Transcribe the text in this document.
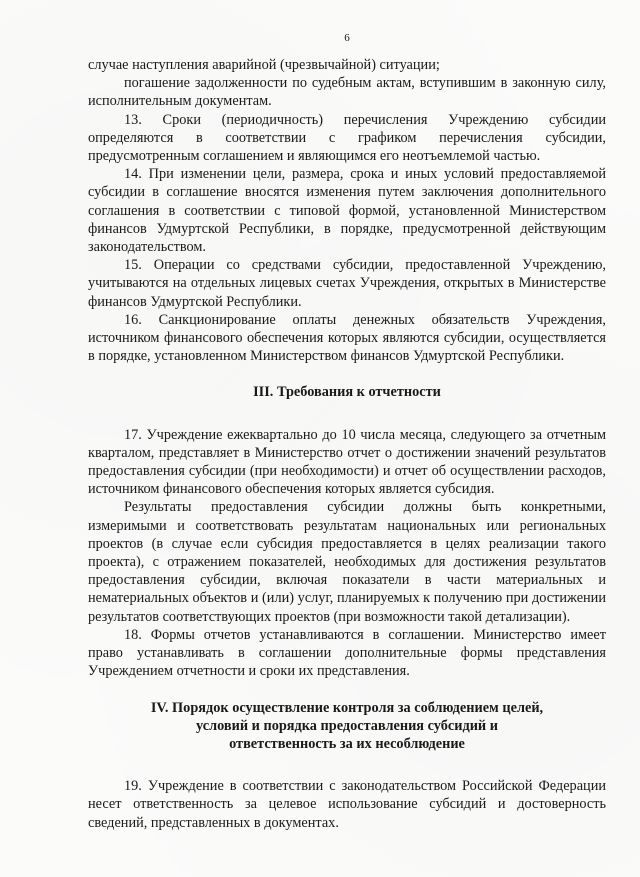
6

случае наступления аварийной (чрезвычайной) ситуации;

погашение задолженности по судебным актам, вступившим в законную силу, исполнительным документам.

13. Сроки (периодичность) перечисления Учреждению субсидии определяются в соответствии с графиком перечисления субсидии, предусмотренным соглашением и являющимся его неотъемлемой частью.

14. При изменении цели, размера, срока и иных условий предоставляемой субсидии в соглашение вносятся изменения путем заключения дополнительного соглашения в соответствии с типовой формой, установленной Министерством финансов Удмуртской Республики, в порядке, предусмотренной действующим законодательством.

15. Операции со средствами субсидии, предоставленной Учреждению, учитываются на отдельных лицевых счетах Учреждения, открытых в Министерстве финансов Удмуртской Республики.

16. Санкционирование оплаты денежных обязательств Учреждения, источником финансового обеспечения которых являются субсидии, осуществляется в порядке, установленном Министерством финансов Удмуртской Республики.

III. Требования к отчетности

17. Учреждение ежеквартально до 10 числа месяца, следующего за отчетным кварталом, представляет в Министерство отчет о достижении значений результатов предоставления субсидии (при необходимости) и отчет об осуществлении расходов, источником финансового обеспечения которых является субсидия.

Результаты предоставления субсидии должны быть конкретными, измеримыми и соответствовать результатам национальных или региональных проектов (в случае если субсидия предоставляется в целях реализации такого проекта), с отражением показателей, необходимых для достижения результатов предоставления субсидии, включая показатели в части материальных и нематериальных объектов и (или) услуг, планируемых к получению при достижении результатов соответствующих проектов (при возможности такой детализации).

18. Формы отчетов устанавливаются в соглашении. Министерство имеет право устанавливать в соглашении дополнительные формы представления Учреждением отчетности и сроки их представления.

IV. Порядок осуществление контроля за соблюдением целей,
условий и порядка предоставления субсидий и
ответственность за их несоблюдение

19. Учреждение в соответствии с законодательством Российской Федерации несет ответственность за целевое использование субсидий и достоверность сведений, представленных в документах.
